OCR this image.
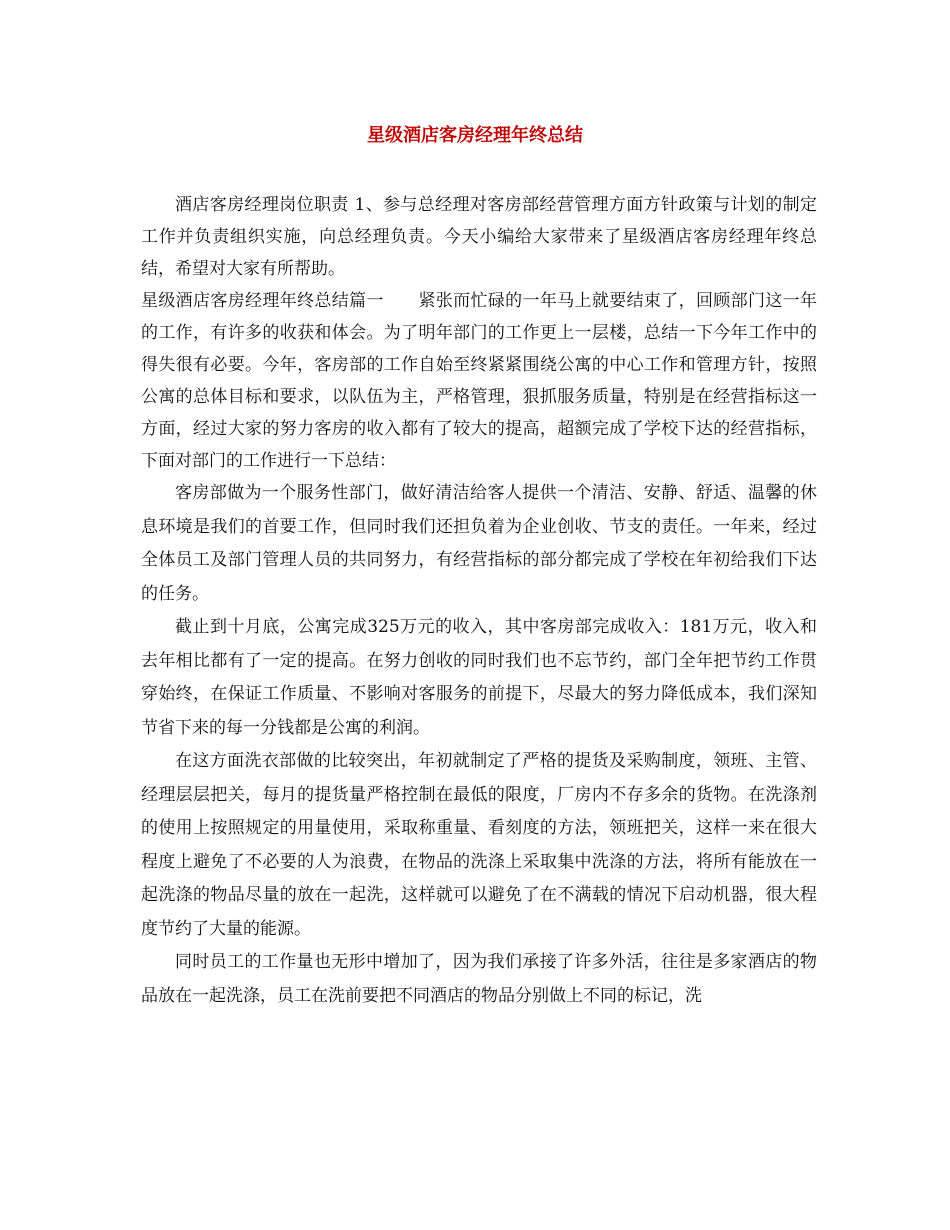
星级酒店客房经理年终总结

酒店客房经理岗位职责 1、参与总经理对客房部经营管理方面方针政策与计划的制定工作并负责组织实施，向总经理负责。今天小编给大家带来了星级酒店客房经理年终总结，希望对大家有所帮助。

星级酒店客房经理年终总结篇一　　紧张而忙碌的一年马上就要结束了，回顾部门这一年的工作，有许多的收获和体会。为了明年部门的工作更上一层楼，总结一下今年工作中的得失很有必要。今年，客房部的工作自始至终紧紧围绕公寓的中心工作和管理方针，按照公寓的总体目标和要求，以队伍为主，严格管理，狠抓服务质量，特别是在经营指标这一方面，经过大家的努力客房的收入都有了较大的提高，超额完成了学校下达的经营指标，下面对部门的工作进行一下总结：

客房部做为一个服务性部门，做好清洁给客人提供一个清洁、安静、舒适、温馨的休息环境是我们的首要工作，但同时我们还担负着为企业创收、节支的责任。一年来，经过全体员工及部门管理人员的共同努力，有经营指标的部分都完成了学校在年初给我们下达的任务。

截止到十月底，公寓完成325万元的收入，其中客房部完成收入：181万元，收入和去年相比都有了一定的提高。在努力创收的同时我们也不忘节约，部门全年把节约工作贯穿始终，在保证工作质量、不影响对客服务的前提下，尽最大的努力降低成本，我们深知节省下来的每一分钱都是公寓的利润。

在这方面洗衣部做的比较突出，年初就制定了严格的提货及采购制度，领班、主管、经理层层把关，每月的提货量严格控制在最低的限度，厂房内不存多余的货物。在洗涤剂的使用上按照规定的用量使用，采取称重量、看刻度的方法，领班把关，这样一来在很大程度上避免了不必要的人为浪费，在物品的洗涤上采取集中洗涤的方法，将所有能放在一起洗涤的物品尽量的放在一起洗，这样就可以避免了在不满载的情况下启动机器，很大程度节约了大量的能源。

同时员工的工作量也无形中增加了，因为我们承接了许多外活，往往是多家酒店的物品放在一起洗涤，员工在洗前要把不同酒店的物品分别做上不同的标记，洗
